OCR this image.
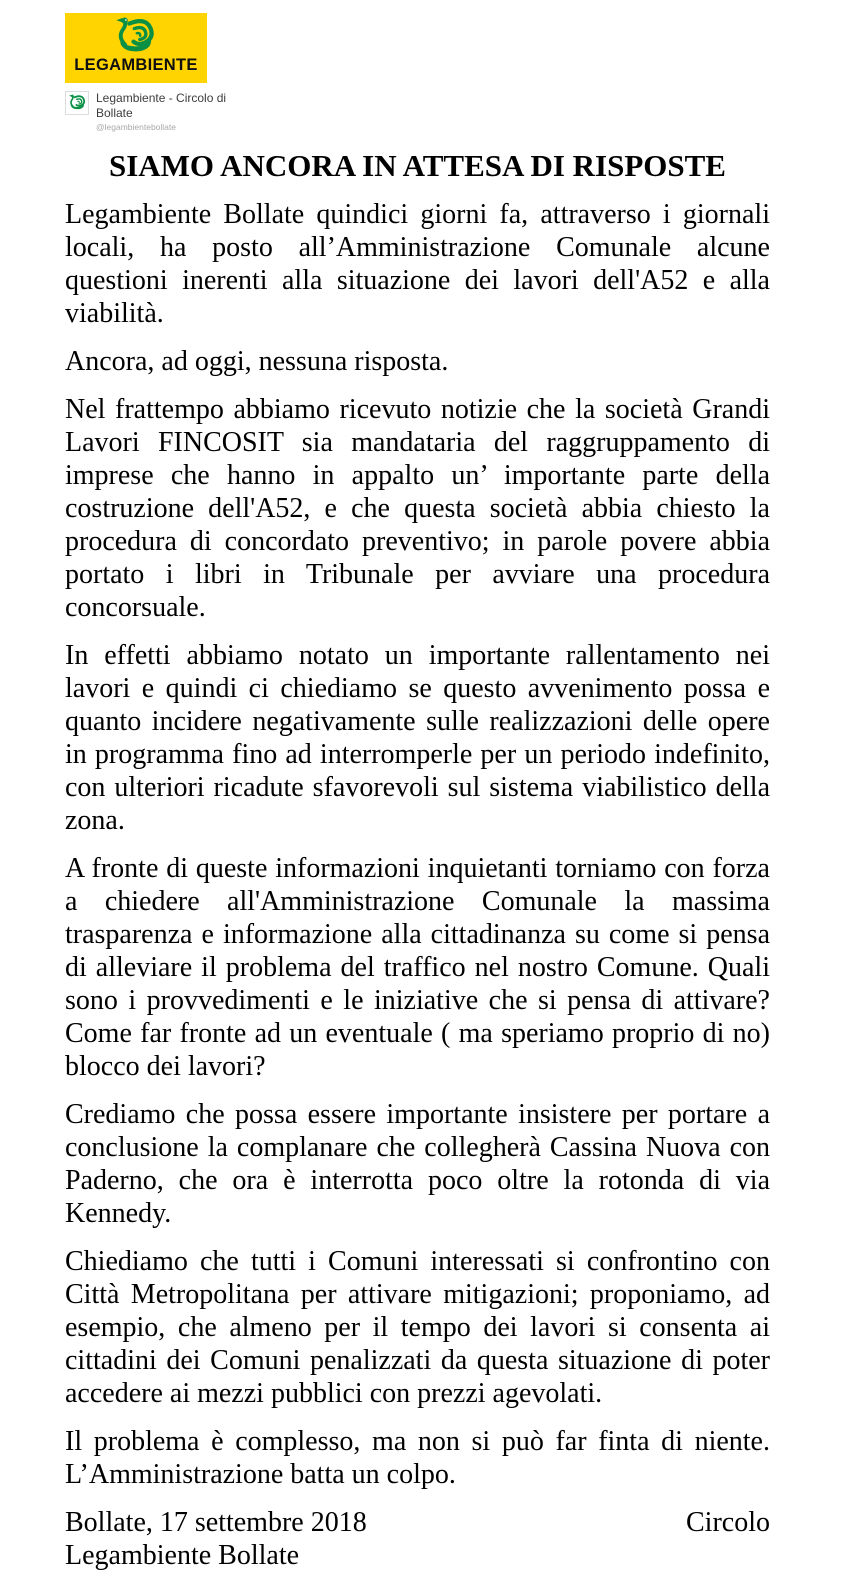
LEGAMBIENTE
Legambiente - Circolo di Bollate
@legambientebollate
SIAMO ANCORA IN ATTESA DI RISPOSTE

Legambiente Bollate quindici giorni fa, attraverso i giornali locali, ha posto all’Amministrazione Comunale alcune questioni inerenti alla situazione dei lavori dell'A52 e alla viabilità.

Ancora, ad oggi, nessuna risposta.

Nel frattempo abbiamo ricevuto notizie che la società Grandi Lavori FINCOSIT sia mandataria del raggruppamento di imprese che hanno in appalto un’ importante parte della costruzione dell'A52, e che questa società abbia chiesto la procedura di concordato preventivo; in parole povere abbia portato i libri in Tribunale per avviare una procedura concorsuale.

In effetti abbiamo notato un importante rallentamento nei lavori e quindi ci chiediamo se questo avvenimento possa e quanto incidere negativamente sulle realizzazioni delle opere in programma fino ad interromperle per un periodo indefinito, con ulteriori ricadute sfavorevoli sul sistema viabilistico della zona.

A fronte di queste informazioni inquietanti torniamo con forza a chiedere all'Amministrazione Comunale la massima trasparenza e informazione alla cittadinanza su come si pensa di alleviare il problema del traffico nel nostro Comune. Quali sono i provvedimenti e le iniziative che si pensa di attivare? Come far fronte ad un eventuale ( ma speriamo proprio di no) blocco dei lavori?

Crediamo che possa essere importante insistere per portare a conclusione la complanare che collegherà Cassina Nuova con Paderno, che ora è interrotta poco oltre la rotonda di via Kennedy.

Chiediamo che tutti i Comuni interessati si confrontino con Città Metropolitana per attivare mitigazioni; proponiamo, ad esempio, che almeno per il tempo dei lavori si consenta ai cittadini dei Comuni penalizzati da questa situazione di poter accedere ai mezzi pubblici con prezzi agevolati.

Il problema è complesso, ma non si può far finta di niente. L’Amministrazione batta un colpo.

Bollate, 17 settembre 2018	Circolo
Legambiente Bollate
